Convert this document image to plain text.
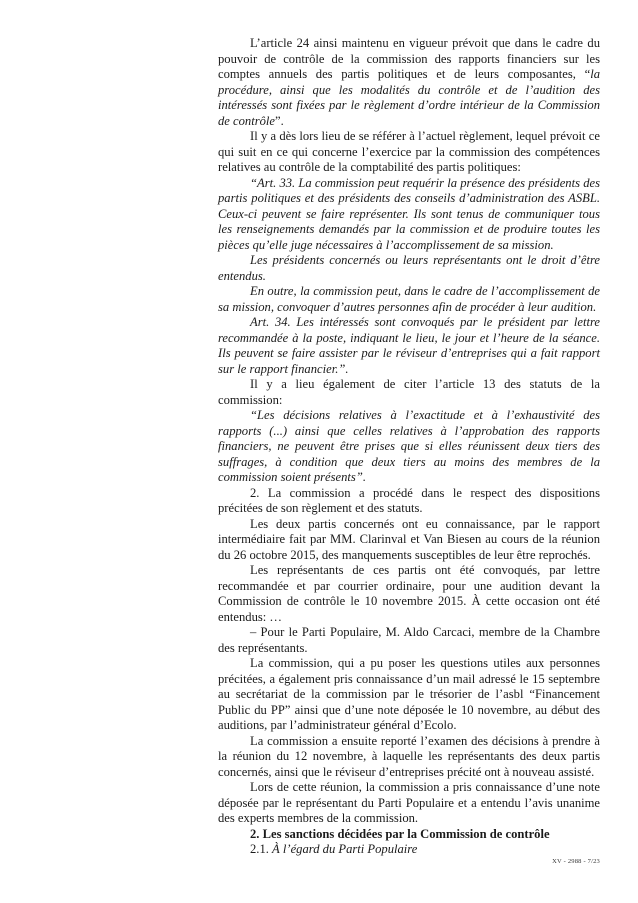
L’article 24 ainsi maintenu en vigueur prévoit que dans le cadre du pouvoir de contrôle de la commission des rapports financiers sur les comptes annuels des partis politiques et de leurs composantes, “la procédure, ainsi que les modalités du contrôle et de l’audition des intéressés sont fixées par le règlement d’ordre intérieur de la Commission de contrôle”.

Il y a dès lors lieu de se référer à l’actuel règlement, lequel prévoit ce qui suit en ce qui concerne l’exercice par la commission des compétences relatives au contrôle de la comptabilité des partis politiques:

“Art. 33. La commission peut requérir la présence des présidents des partis politiques et des présidents des conseils d’administration des ASBL. Ceux-ci peuvent se faire représenter. Ils sont tenus de communiquer tous les renseignements demandés par la commission et de produire toutes les pièces qu’elle juge nécessaires à l’accomplissement de sa mission.

Les présidents concernés ou leurs représentants ont le droit d’être entendus.

En outre, la commission peut, dans le cadre de l’accomplissement de sa mission, convoquer d’autres personnes afin de procéder à leur audition.

Art. 34. Les intéressés sont convoqués par le président par lettre recommandée à la poste, indiquant le lieu, le jour et l’heure de la séance. Ils peuvent se faire assister par le réviseur d’entreprises qui a fait rapport sur le rapport financier.”.

Il y a lieu également de citer l’article 13 des statuts de la commission:

“Les décisions relatives à l’exactitude et à l’exhaustivité des rapports (...) ainsi que celles relatives à l’approbation des rapports financiers, ne peuvent être prises que si elles réunissent deux tiers des suffrages, à condition que deux tiers au moins des membres de la commission soient présents”.

2. La commission a procédé dans le respect des dispositions précitées de son règlement et des statuts.

Les deux partis concernés ont eu connaissance, par le rapport intermédiaire fait par MM. Clarinval et Van Biesen au cours de la réunion du 26 octobre 2015, des manquements susceptibles de leur être reprochés.

Les représentants de ces partis ont été convoqués, par lettre recommandée et par courrier ordinaire, pour une audition devant la Commission de contrôle le 10 novembre 2015. À cette occasion ont été entendus: …

– Pour le Parti Populaire, M. Aldo Carcaci, membre de la Chambre des représentants.

La commission, qui a pu poser les questions utiles aux personnes précitées, a également pris connaissance d’un mail adressé le 15 septembre au secrétariat de la commission par le trésorier de l’asbl “Financement Public du PP” ainsi que d’une note déposée le 10 novembre, au début des auditions, par l’administrateur général d’Ecolo.

La commission a ensuite reporté l’examen des décisions à prendre à la réunion du 12 novembre, à laquelle les représentants des deux partis concernés, ainsi que le réviseur d’entreprises précité ont à nouveau assisté.

Lors de cette réunion, la commission a pris connaissance d’une note déposée par le représentant du Parti Populaire et a entendu l’avis unanime des experts membres de la commission.

2. Les sanctions décidées par la Commission de contrôle

2.1. À l’égard du Parti Populaire

XV - 2988 - 7/23
